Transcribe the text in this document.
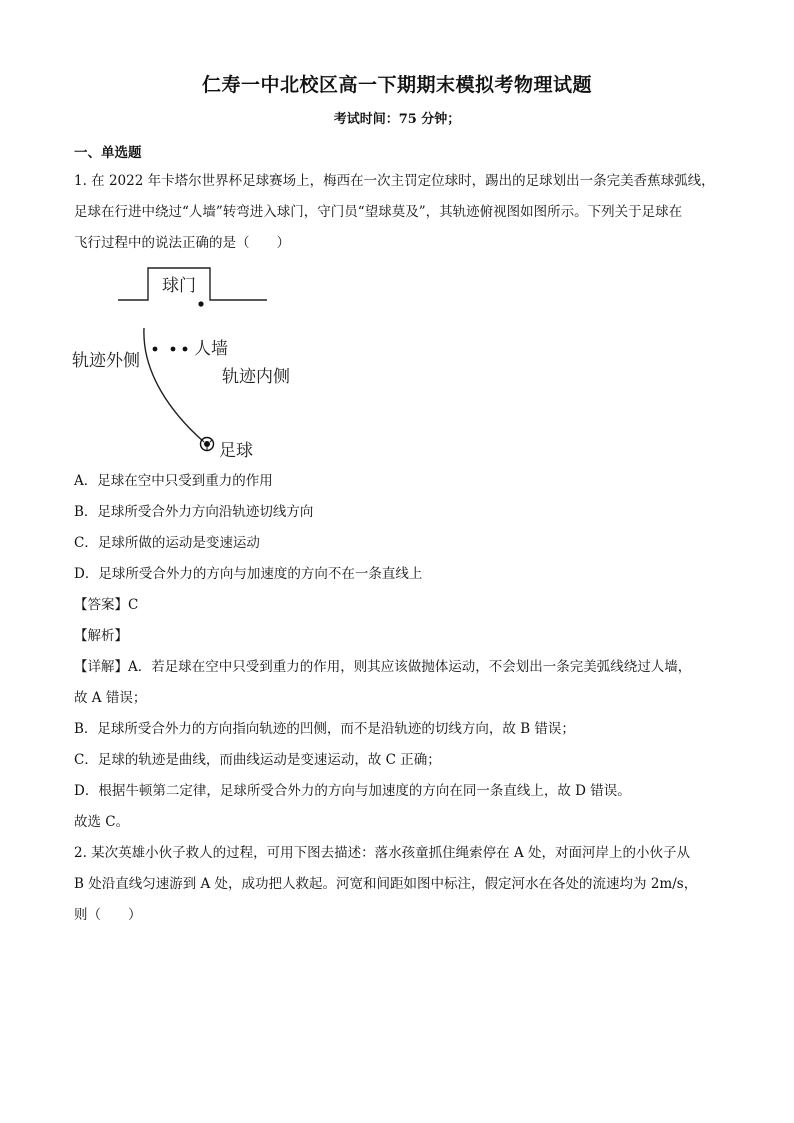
仁寿一中北校区高一下期期末模拟考物理试题
考试时间：75 分钟；
一、单选题
1. 在 2022 年卡塔尔世界杯足球赛场上，梅西在一次主罚定位球时，踢出的足球划出一条完美香蕉球弧线，
足球在行进中绕过“人墙”转弯进入球门，守门员“望球莫及”，其轨迹俯视图如图所示。下列关于足球在
飞行过程中的说法正确的是（　　）
球门
人墙
轨迹外侧
轨迹内侧
足球
A．足球在空中只受到重力的作用
B．足球所受合外力方向沿轨迹切线方向
C．足球所做的运动是变速运动
D．足球所受合外力的方向与加速度的方向不在一条直线上
【答案】C
【解析】
【详解】A．若足球在空中只受到重力的作用，则其应该做抛体运动，不会划出一条完美弧线绕过人墙，
故 A 错误；
B．足球所受合外力的方向指向轨迹的凹侧，而不是沿轨迹的切线方向，故 B 错误；
C．足球的轨迹是曲线，而曲线运动是变速运动，故 C 正确；
D．根据牛顿第二定律，足球所受合外力的方向与加速度的方向在同一条直线上，故 D 错误。
故选 C。
2. 某次英雄小伙子救人的过程，可用下图去描述：落水孩童抓住绳索停在 A 处，对面河岸上的小伙子从
B 处沿直线匀速游到 A 处，成功把人救起。河宽和间距如图中标注，假定河水在各处的流速均为 2m/s，
则（　　）
